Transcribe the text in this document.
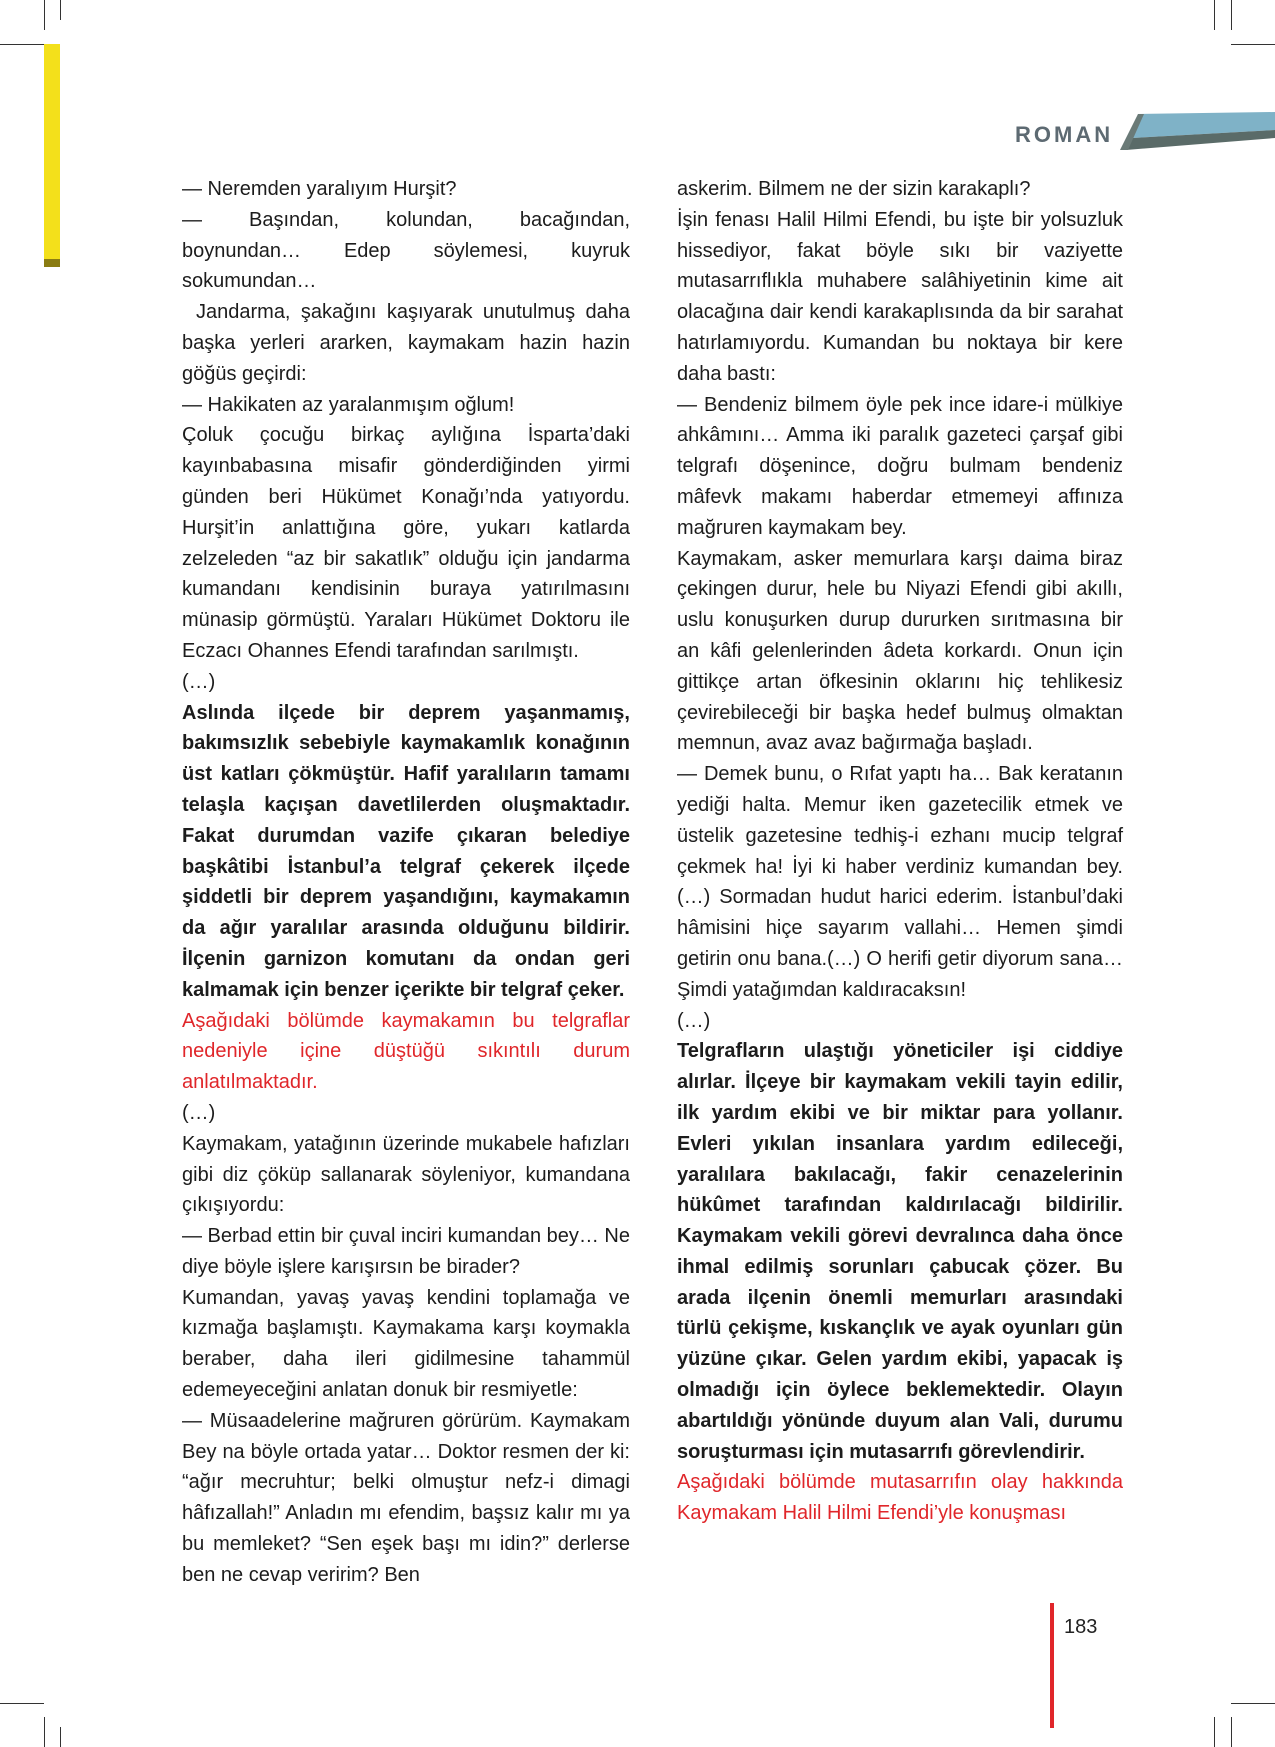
ROMAN

— Neremden yaralıyım Hurşit?

— Başından, kolundan, bacağından, boynundan… Edep söylemesi, kuyruk sokumundan…

Jandarma, şakağını kaşıyarak unutulmuş daha başka yerleri ararken, kaymakam hazin hazin göğüs geçirdi:

— Hakikaten az yaralanmışım oğlum!

Çoluk çocuğu birkaç aylığına İsparta’daki kayınbabasına misafir gönderdiğinden yirmi günden beri Hükümet Konağı’nda yatıyordu. Hurşit’in anlattığına göre, yukarı katlarda zelzeleden “az bir sakatlık” olduğu için jandarma kumandanı kendisinin buraya yatırılmasını münasip görmüştü. Yaraları Hükümet Doktoru ile Eczacı Ohannes Efendi tarafından sarılmıştı.

(…)

Aslında ilçede bir deprem yaşanmamış, bakımsızlık sebebiyle kaymakamlık konağının üst katları çökmüştür. Hafif yaralıların tamamı telaşla kaçışan davetlilerden oluşmaktadır. Fakat durumdan vazife çıkaran belediye başkâtibi İstanbul’a telgraf çekerek ilçede şiddetli bir deprem yaşandığını, kaymakamın da ağır yaralılar arasında olduğunu bildirir. İlçenin garnizon komutanı da ondan geri kalmamak için benzer içerikte bir telgraf çeker.

Aşağıdaki bölümde kaymakamın bu telgraflar nedeniyle içine düştüğü sıkıntılı durum anlatılmaktadır.

(…)

Kaymakam, yatağının üzerinde mukabele hafızları gibi diz çöküp sallanarak söyleniyor, kumandana çıkışıyordu:

— Berbad ettin bir çuval inciri kumandan bey… Ne diye böyle işlere karışırsın be birader?

Kumandan, yavaş yavaş kendini toplamağa ve kızmağa başlamıştı. Kaymakama karşı koymakla beraber, daha ileri gidilmesine tahammül edemeyeceğini anlatan donuk bir resmiyetle:

— Müsaadelerine mağruren görürüm. Kaymakam Bey na böyle ortada yatar… Doktor resmen der ki: “ağır mecruhtur; belki olmuştur nefz-i dimagi hâfızallah!” Anladın mı efendim, başsız kalır mı ya bu memleket? “Sen eşek başı mı idin?” derlerse ben ne cevap veririm? Ben

askerim. Bilmem ne der sizin karakaplı?

İşin fenası Halil Hilmi Efendi, bu işte bir yolsuzluk hissediyor, fakat böyle sıkı bir vaziyette mutasarrıflıkla muhabere salâhiyetinin kime ait olacağına dair kendi karakaplısında da bir sarahat hatırlamıyordu. Kumandan bu noktaya bir kere daha bastı:

— Bendeniz bilmem öyle pek ince idare-i mülkiye ahkâmını… Amma iki paralık gazeteci çarşaf gibi telgrafı döşenince, doğru bulmam bendeniz mâfevk makamı haberdar etmemeyi affınıza mağruren kaymakam bey.

Kaymakam, asker memurlara karşı daima biraz çekingen durur, hele bu Niyazi Efendi gibi akıllı, uslu konuşurken durup dururken sırıtmasına bir an kâfi gelenlerinden âdeta korkardı. Onun için gittikçe artan öfkesinin oklarını hiç tehlikesiz çevirebileceği bir başka hedef bulmuş olmaktan memnun, avaz avaz bağırmağa başladı.

— Demek bunu, o Rıfat yaptı ha… Bak keratanın yediği halta. Memur iken gazetecilik etmek ve üstelik gazetesine tedhiş-i ezhanı mucip telgraf çekmek ha! İyi ki haber verdiniz kumandan bey.(…) Sormadan hudut harici ederim. İstanbul’daki hâmisini hiçe sayarım vallahi… Hemen şimdi getirin onu bana.(…) O herifi getir diyorum sana… Şimdi yatağımdan kaldıracaksın!

(…)

Telgrafların ulaştığı yöneticiler işi ciddiye alırlar. İlçeye bir kaymakam vekili tayin edilir, ilk yardım ekibi ve bir miktar para yollanır. Evleri yıkılan insanlara yardım edileceği, yaralılara bakılacağı, fakir cenazelerinin hükûmet tarafından kaldırılacağı bildirilir. Kaymakam vekili görevi devralınca daha önce ihmal edilmiş sorunları çabucak çözer. Bu arada ilçenin önemli memurları arasındaki türlü çekişme, kıskançlık ve ayak oyunları gün yüzüne çıkar. Gelen yardım ekibi, yapacak iş olmadığı için öylece beklemektedir. Olayın abartıldığı yönünde duyum alan Vali, durumu soruşturması için mutasarrıfı görevlendirir.

Aşağıdaki bölümde mutasarrıfın olay hakkında Kaymakam Halil Hilmi Efendi’yle konuşması

183
